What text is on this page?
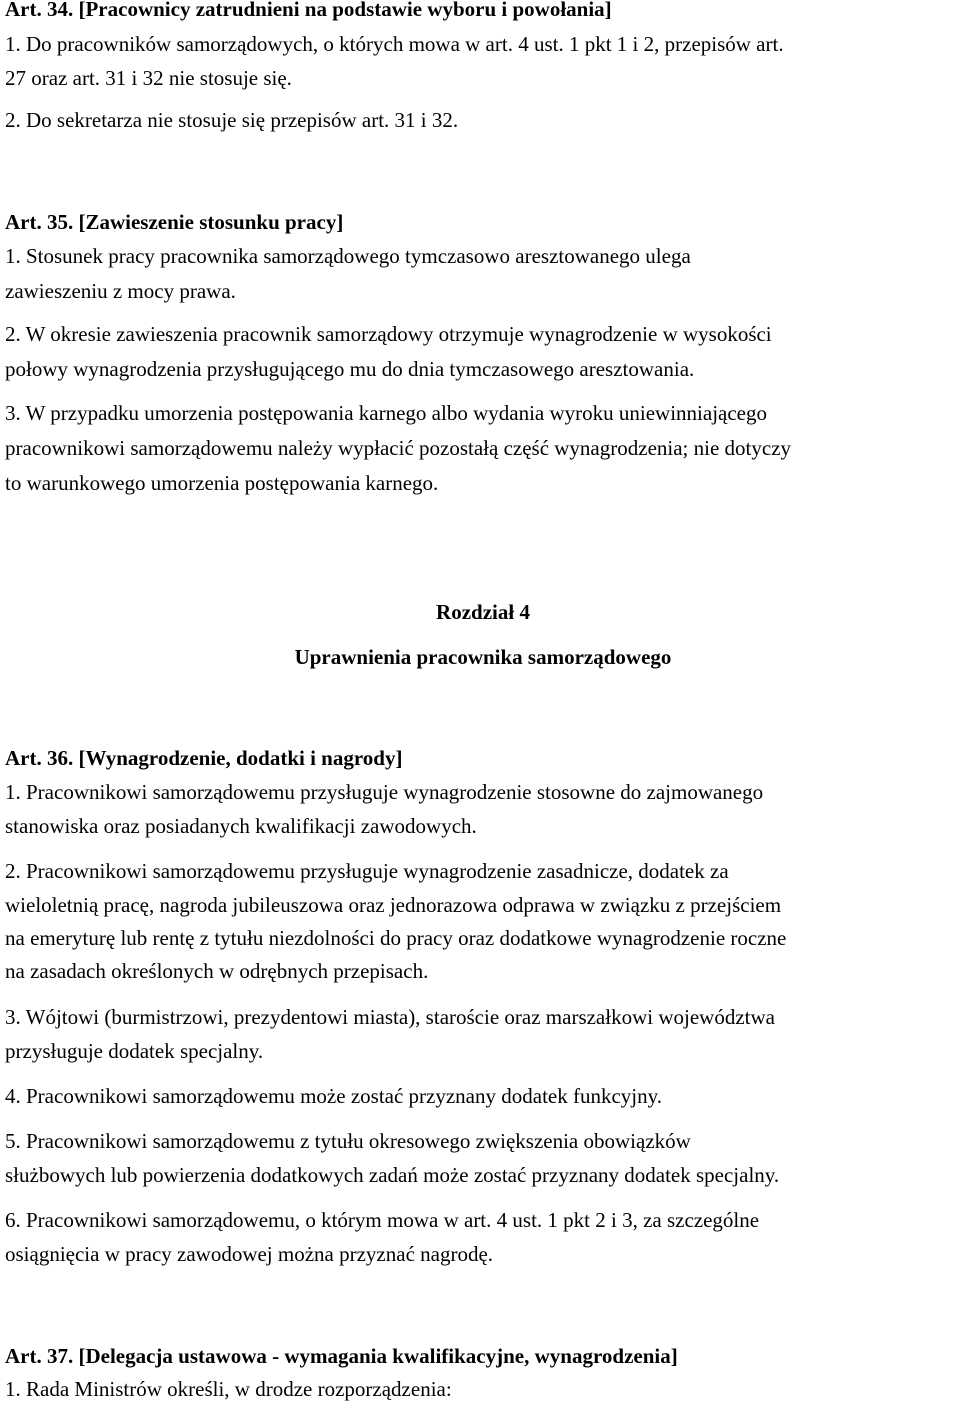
Art. 34. [Pracownicy zatrudnieni na podstawie wyboru i powołania]
1. Do pracowników samorządowych, o których mowa w art. 4 ust. 1 pkt 1 i 2, przepisów art.
27 oraz art. 31 i 32 nie stosuje się.
2. Do sekretarza nie stosuje się przepisów art. 31 i 32.
Art. 35. [Zawieszenie stosunku pracy]
1. Stosunek pracy pracownika samorządowego tymczasowo aresztowanego ulega
zawieszeniu z mocy prawa.
2. W okresie zawieszenia pracownik samorządowy otrzymuje wynagrodzenie w wysokości
połowy wynagrodzenia przysługującego mu do dnia tymczasowego aresztowania.
3. W przypadku umorzenia postępowania karnego albo wydania wyroku uniewinniającego
pracownikowi samorządowemu należy wypłacić pozostałą część wynagrodzenia; nie dotyczy
to warunkowego umorzenia postępowania karnego.
Rozdział 4
Uprawnienia pracownika samorządowego
Art. 36. [Wynagrodzenie, dodatki i nagrody]
1. Pracownikowi samorządowemu przysługuje wynagrodzenie stosowne do zajmowanego
stanowiska oraz posiadanych kwalifikacji zawodowych.
2. Pracownikowi samorządowemu przysługuje wynagrodzenie zasadnicze, dodatek za
wieloletnią pracę, nagroda jubileuszowa oraz jednorazowa odprawa w związku z przejściem
na emeryturę lub rentę z tytułu niezdolności do pracy oraz dodatkowe wynagrodzenie roczne
na zasadach określonych w odrębnych przepisach.
3. Wójtowi (burmistrzowi, prezydentowi miasta), staroście oraz marszałkowi województwa
przysługuje dodatek specjalny.
4. Pracownikowi samorządowemu może zostać przyznany dodatek funkcyjny.
5. Pracownikowi samorządowemu z tytułu okresowego zwiększenia obowiązków
służbowych lub powierzenia dodatkowych zadań może zostać przyznany dodatek specjalny.
6. Pracownikowi samorządowemu, o którym mowa w art. 4 ust. 1 pkt 2 i 3, za szczególne
osiągnięcia w pracy zawodowej można przyznać nagrodę.
Art. 37. [Delegacja ustawowa - wymagania kwalifikacyjne, wynagrodzenia]
1. Rada Ministrów określi, w drodze rozporządzenia:
